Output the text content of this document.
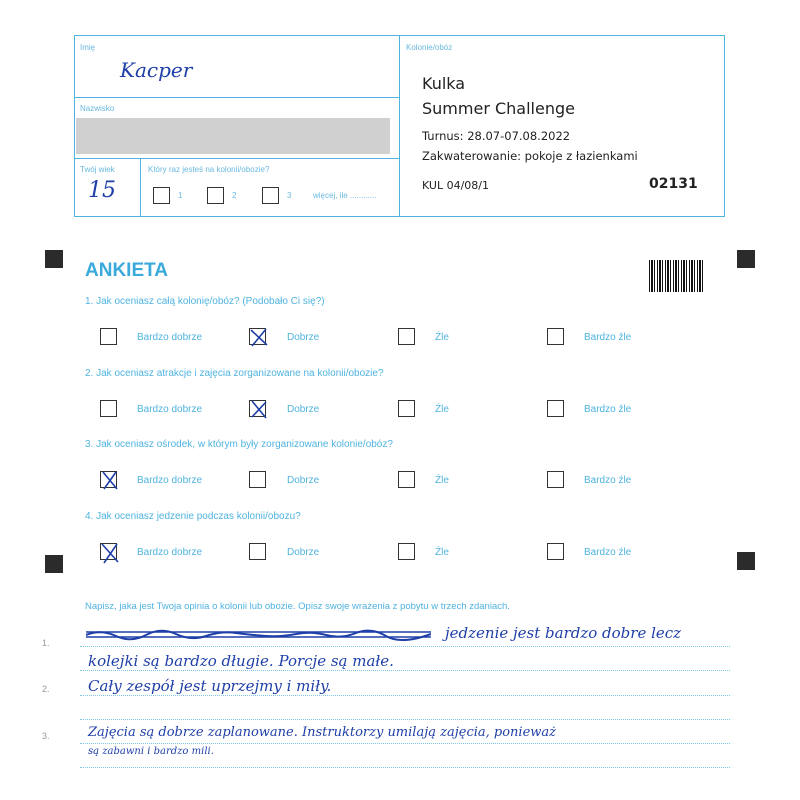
Imię
Kacper
Nazwisko
Twój wiek
15
Który raz jesteś na kolonii/obozie?
1	2	3	więcej, ile ............
Kolonie/obóz
Kulka
Summer Challenge
Turnus: 28.07-07.08.2022
Zakwaterowanie: pokoje z łazienkami
KUL 04/08/1	02131
ANKIETA
1. Jak oceniasz całą kolonię/obóz? (Podobało Ci się?)
2. Jak oceniasz atrakcje i zajęcia zorganizowane na kolonii/obozie?
3. Jak oceniasz ośrodek, w którym były zorganizowane kolonie/obóz?
4. Jak oceniasz jedzenie podczas kolonii/obozu?
Bardzo dobrze	Dobrze	Źle	Bardzo źle
Bardzo dobrze	Dobrze	Źle	Bardzo źle
Bardzo dobrze	Dobrze	Źle	Bardzo źle
Bardzo dobrze	Dobrze	Źle	Bardzo źle
Napisz, jaka jest Twoja opinia o kolonii lub obozie. Opisz swoje wrażenia z pobytu w trzech zdaniach.
1.
2.
3.
jedzenie jest bardzo dobre lecz
kolejki są bardzo długie. Porcje są małe.
Cały zespół jest uprzejmy i miły.
Zajęcia są dobrze zaplanowane. Instruktorzy umilają zajęcia, ponieważ
są zabawni i bardzo mili.
